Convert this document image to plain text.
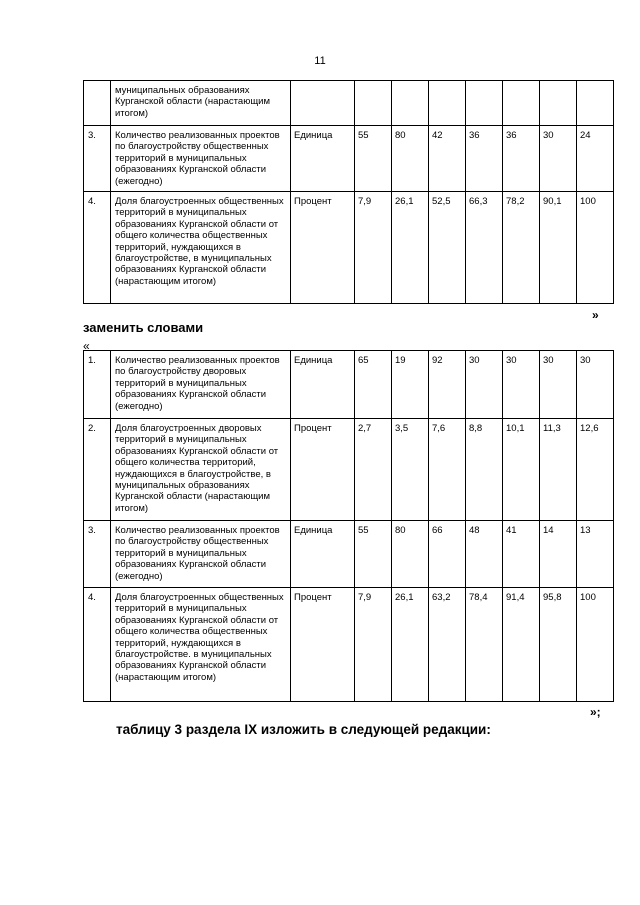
11
	муниципальных образованиях Курганской области (нарастающим итогом)								
3.	Количество реализованных проектов по благоустройству общественных территорий в муниципальных образованиях Курганской области (ежегодно)	Единица	55	80	42	36	36	30	24
4.	Доля благоустроенных общественных территорий в муниципальных образованиях Курганской области от общего количества общественных территорий, нуждающихся в благоустройстве, в муниципальных образованиях Курганской области (нарастающим итогом)	Процент	7,9	26,1	52,5	66,3	78,2	90,1	100
»
заменить словами
«
1.	Количество реализованных проектов по благоустройству дворовых территорий в муниципальных образованиях Курганской области (ежегодно)	Единица	65	19	92	30	30	30	30
2.	Доля благоустроенных дворовых территорий в муниципальных образованиях Курганской области от общего количества территорий, нуждающихся в благоустройстве, в муниципальных образованиях Курганской области (нарастающим итогом)	Процент	2,7	3,5	7,6	8,8	10,1	11,3	12,6
3.	Количество реализованных проектов по благоустройству общественных территорий в муниципальных образованиях Курганской области (ежегодно)	Единица	55	80	66	48	41	14	13
4.	Доля благоустроенных общественных территорий в муниципальных образованиях Курганской области от общего количества общественных территорий, нуждающихся в благоустройстве. в муниципальных образованиях Курганской области (нарастающим итогом)	Процент	7,9	26,1	63,2	78,4	91,4	95,8	100
»;
таблицу 3 раздела IX изложить в следующей редакции:
